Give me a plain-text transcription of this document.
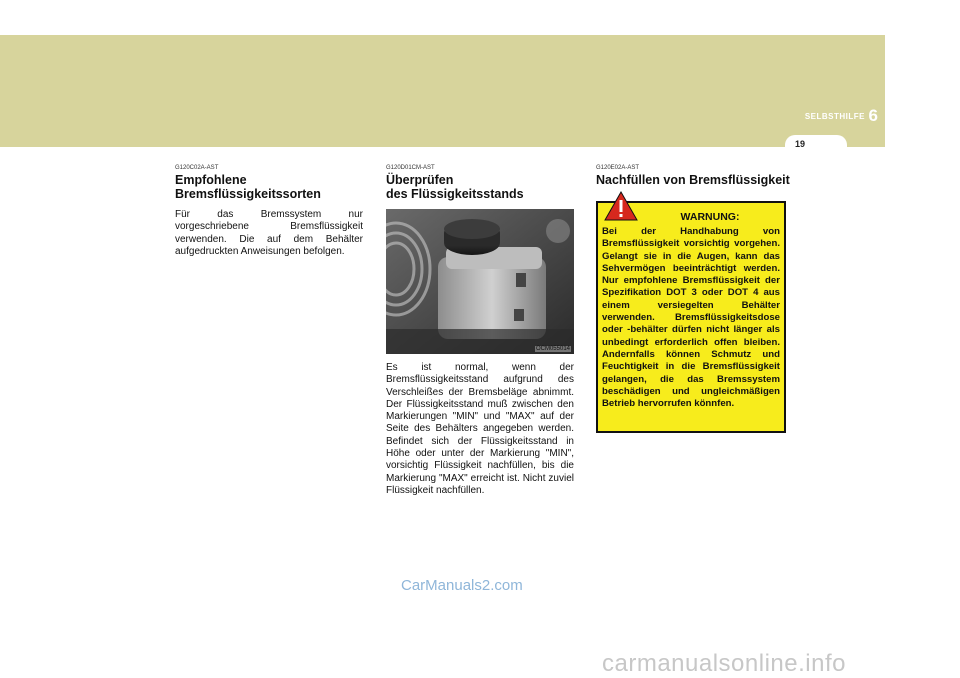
SELBSTHILFE 6
19
G120C02A-AST
Empfohlene
Bremsflüssigkeitssorten

Für das Bremssystem nur vorgeschriebene Bremsflüssigkeit verwenden. Die auf dem Behälter aufgedruckten Anweisungen befolgen.

G120D01CM-AST
Überprüfen
des Flüssigkeitsstands
OCM055014

Es ist normal, wenn der Bremsflüssigkeitsstand aufgrund des Verschleißes der Bremsbeläge abnimmt. Der Flüssigkeitsstand muß zwischen den Markierungen "MIN" und "MAX" auf der Seite des Behälters angegeben werden. Befindet sich der Flüssigkeitsstand in Höhe oder unter der Markierung "MIN", vorsichtig Flüssigkeit nachfüllen, bis die Markierung "MAX" erreicht ist. Nicht zuviel Flüssigkeit nachfüllen.

G120E02A-AST
Nachfüllen von Bremsflüssigkeit
WARNUNG:

Bei der Handhabung von Bremsflüssigkeit vorsichtig vorgehen. Gelangt sie in die Augen, kann das Sehvermögen beeinträchtigt werden. Nur empfohlene Bremsflüssigkeit der Spezifikation DOT 3 oder DOT 4 aus einem versiegelten Behälter verwenden. Bremsflüssigkeitsdose oder -behälter dürfen nicht länger als unbedingt erforderlich offen bleiben. Andernfalls können Schmutz und Feuchtigkeit in die Bremsflüssigkeit gelangen, die das Bremssystem beschädigen und ungleichmäßigen Betrieb hervorrufen könnfen.

CarManuals2.com
carmanualsonline.info
